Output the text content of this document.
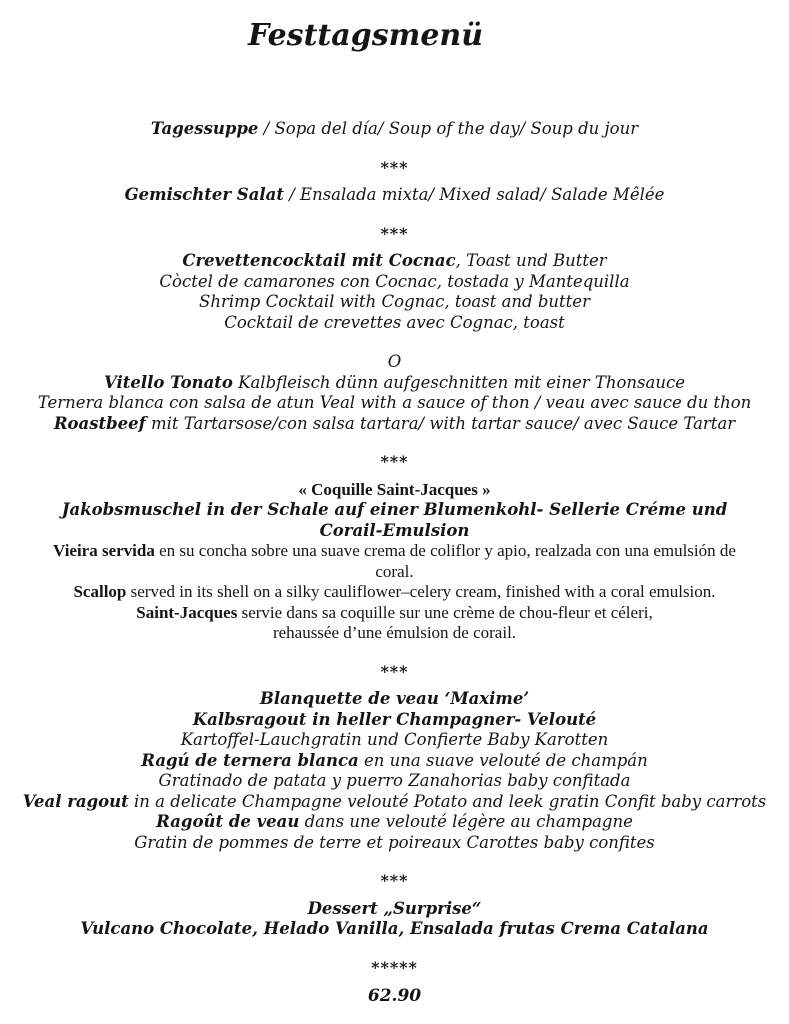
Festtagsmenü

Tagessuppe / Sopa del día/ Soup of the day/ Soup du jour

***

Gemischter Salat / Ensalada mixta/ Mixed salad/ Salade Mêlée

***

Crevettencocktail mit Cocnac, Toast und Butter

Còctel de camarones con Cocnac, tostada y Mantequilla

Shrimp Cocktail with Cognac, toast and butter

Cocktail de crevettes avec Cognac, toast

O

Vitello Tonato Kalbfleisch dünn aufgeschnitten mit einer Thonsauce

Ternera blanca con salsa de atun Veal with a sauce of thon / veau avec sauce du thon

Roastbeef mit Tartarsose/con salsa tartara/ with tartar sauce/ avec Sauce Tartar

***

« Coquille Saint-Jacques »

Jakobsmuschel in der Schale auf einer Blumenkohl- Sellerie Créme und

Corail-Emulsion

Vieira servida en su concha sobre una suave crema de coliflor y apio, realzada con una emulsión de

coral.

Scallop served in its shell on a silky cauliflower–celery cream, finished with a coral emulsion.

Saint-Jacques servie dans sa coquille sur une crème de chou-fleur et céleri,

rehaussée d’une émulsion de corail.

***

Blanquette de veau ‘Maxime’

Kalbsragout in heller Champagner- Velouté

Kartoffel-Lauchgratin und Confierte Baby Karotten

Ragú de ternera blanca en una suave velouté de champán

Gratinado de patata y puerro Zanahorias baby confitada

Veal ragout in a delicate Champagne velouté Potato and leek gratin Confit baby carrots

Ragoût de veau dans une velouté légère au champagne

Gratin de pommes de terre et poireaux Carottes baby confites

***

Dessert „Surprise“

Vulcano Chocolate, Helado Vanilla, Ensalada frutas Crema Catalana

*****

62.90
